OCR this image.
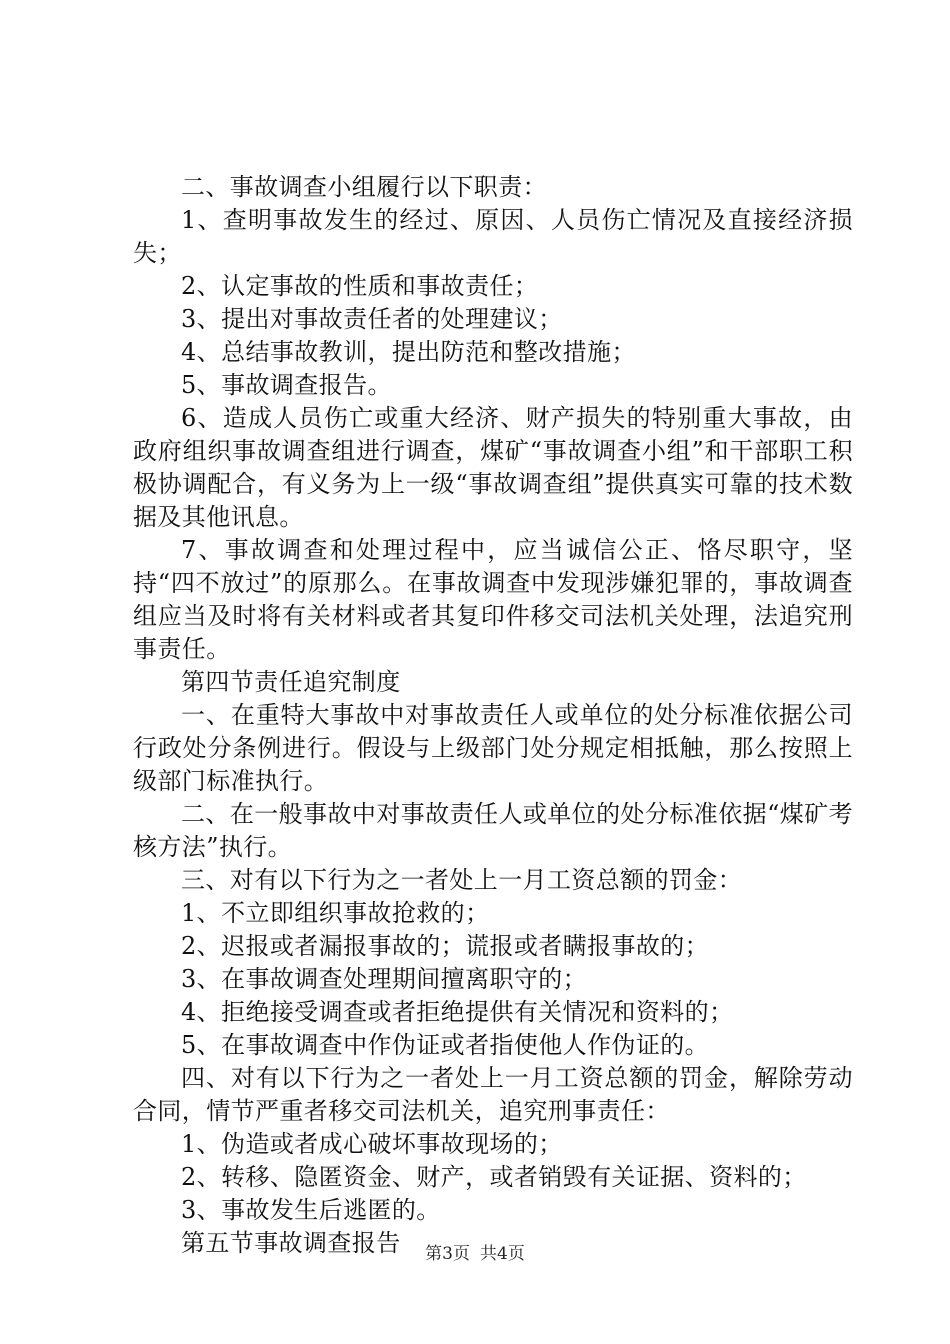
二、事故调查小组履行以下职责：

1、查明事故发生的经过、原因、人员伤亡情况及直接经济损失；

2、认定事故的性质和事故责任；

3、提出对事故责任者的处理建议；

4、总结事故教训，提出防范和整改措施；

5、事故调查报告。

6、造成人员伤亡或重大经济、财产损失的特别重大事故，由政府组织事故调查组进行调查，煤矿“事故调查小组”和干部职工积极协调配合，有义务为上一级“事故调查组”提供真实可靠的技术数据及其他讯息。

7、事故调查和处理过程中，应当诚信公正、恪尽职守，坚持“四不放过”的原那么。在事故调查中发现涉嫌犯罪的，事故调查组应当及时将有关材料或者其复印件移交司法机关处理，法追究刑事责任。

第四节责任追究制度

一、在重特大事故中对事故责任人或单位的处分标准依据公司行政处分条例进行。假设与上级部门处分规定相抵触，那么按照上级部门标准执行。

二、在一般事故中对事故责任人或单位的处分标准依据“煤矿考核方法”执行。

三、对有以下行为之一者处上一月工资总额的罚金：

1、不立即组织事故抢救的；

2、迟报或者漏报事故的；谎报或者瞒报事故的；

3、在事故调查处理期间擅离职守的；

4、拒绝接受调查或者拒绝提供有关情况和资料的；

5、在事故调查中作伪证或者指使他人作伪证的。

四、对有以下行为之一者处上一月工资总额的罚金，解除劳动合同，情节严重者移交司法机关，追究刑事责任：

1、伪造或者成心破坏事故现场的；

2、转移、隐匿资金、财产，或者销毁有关证据、资料的；

3、事故发生后逃匿的。

第五节事故调查报告	第3页 共4页
